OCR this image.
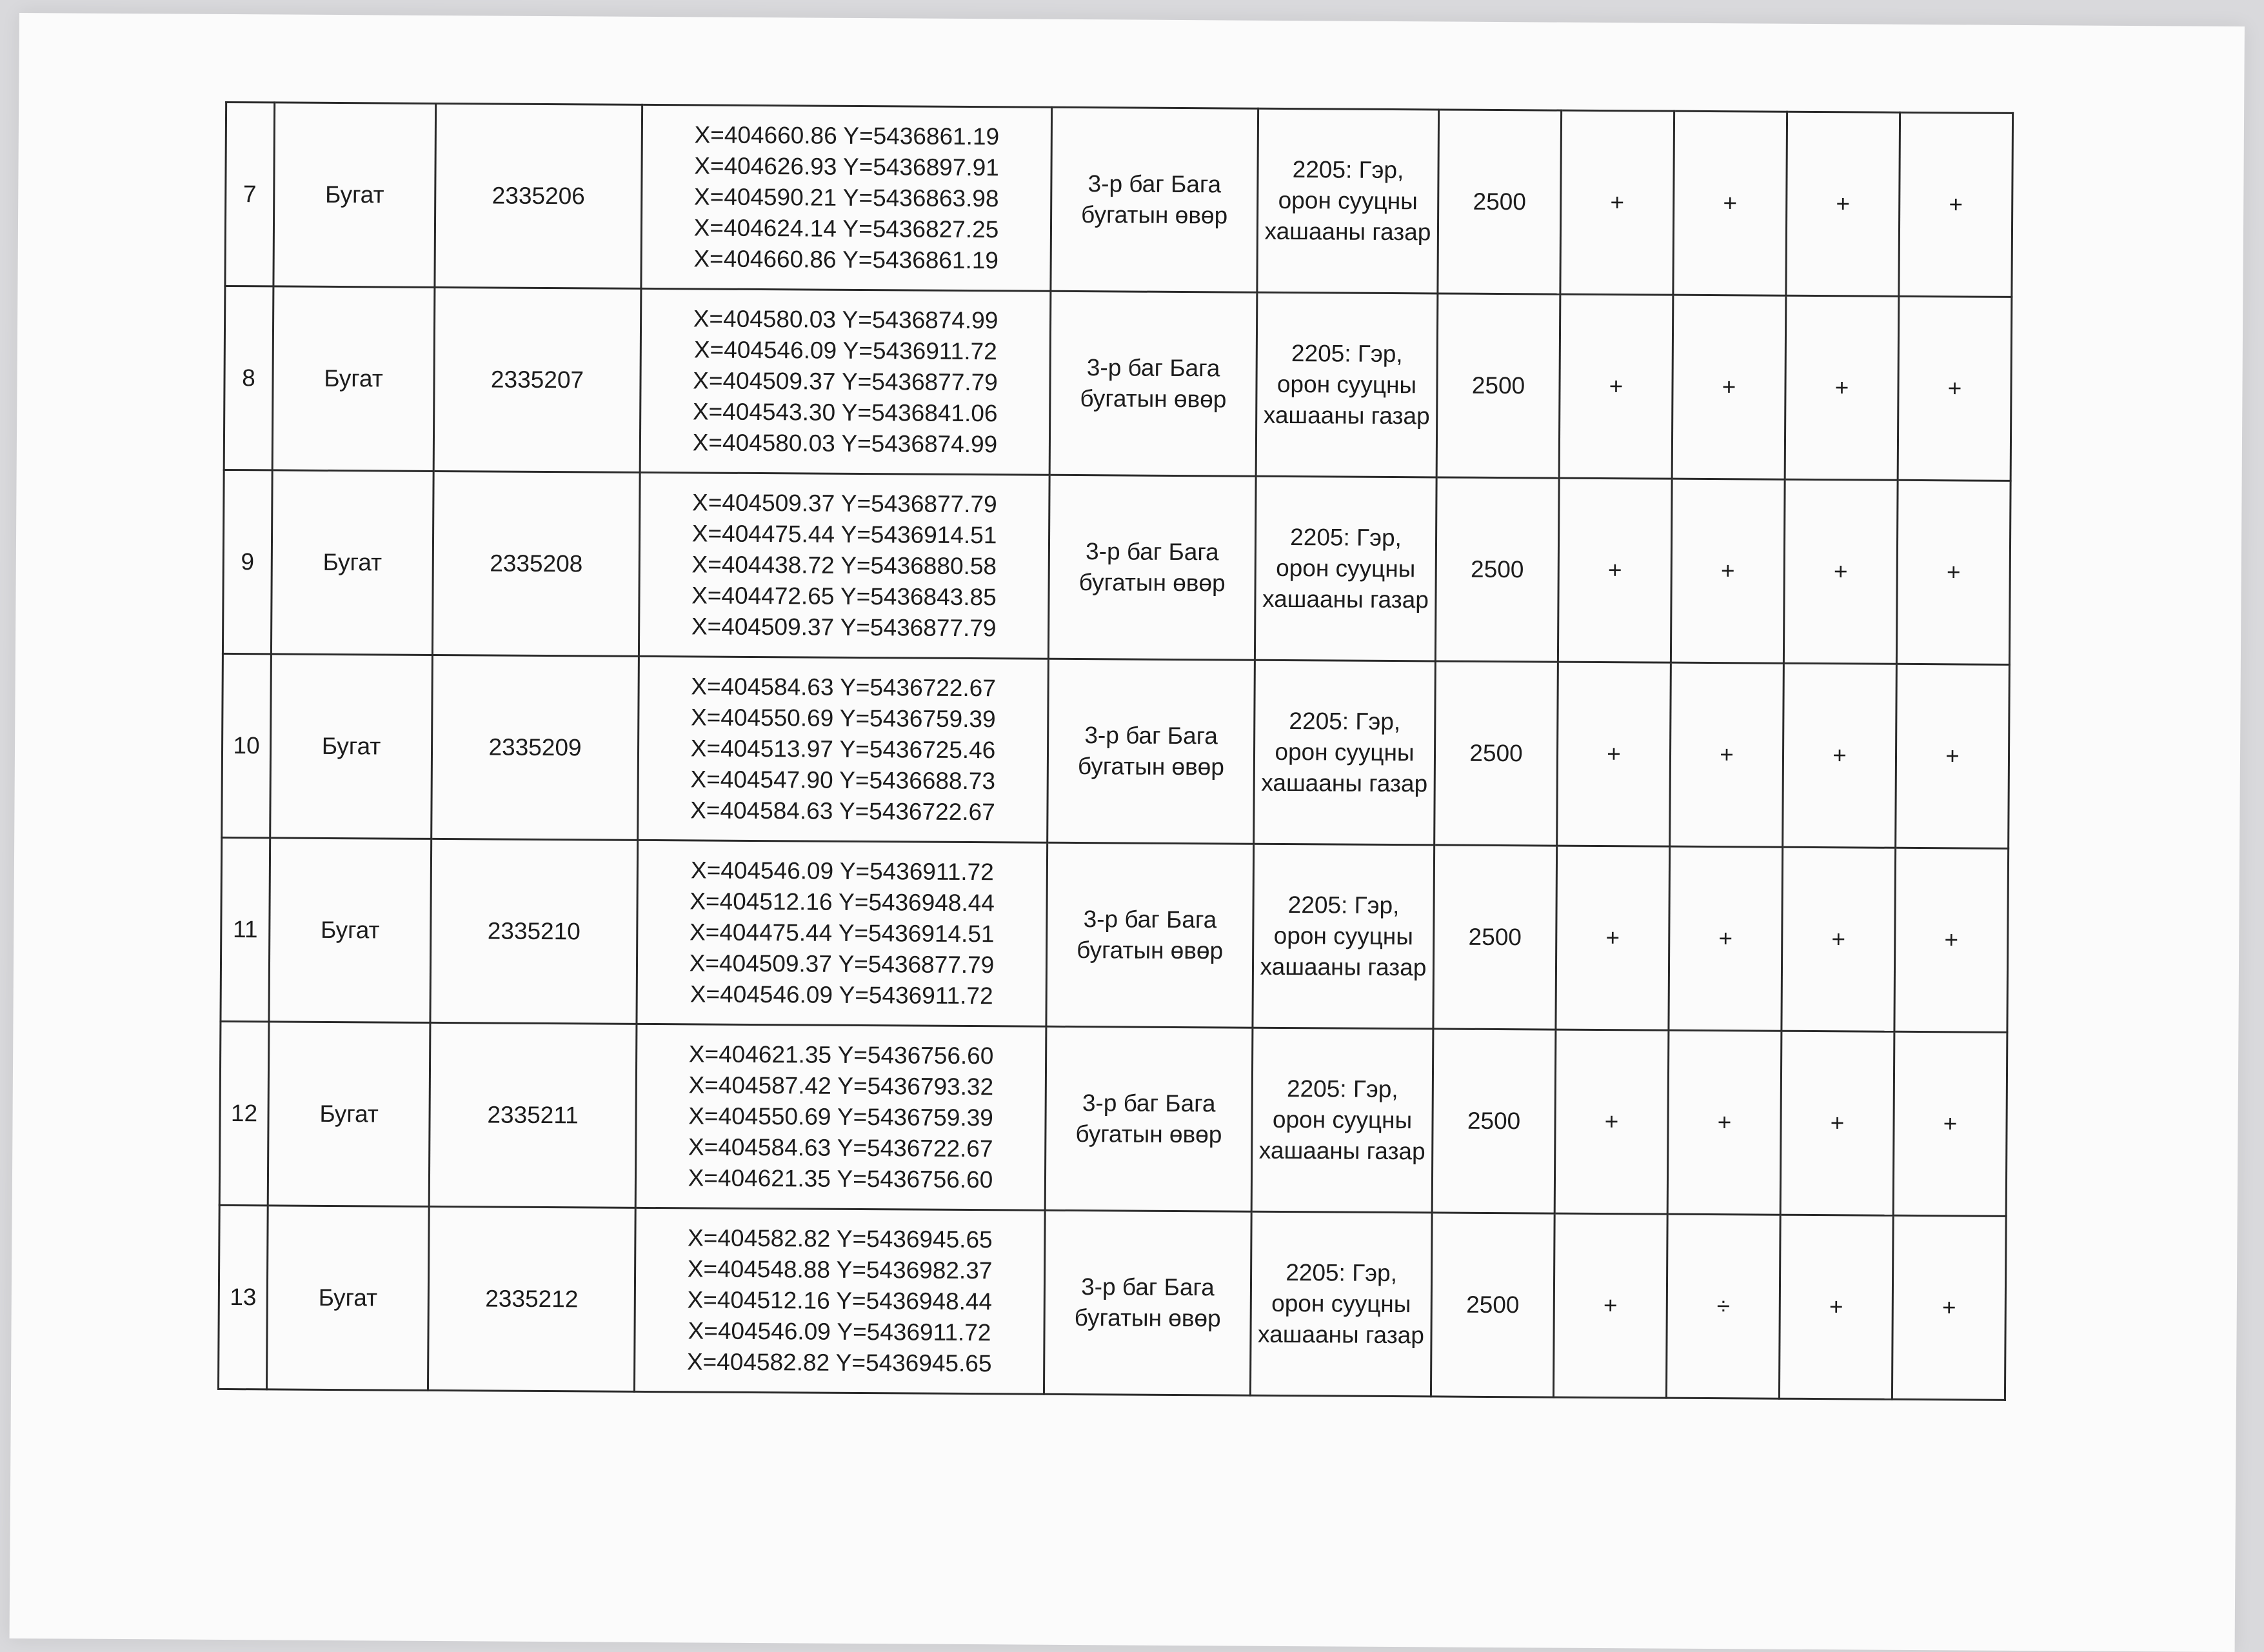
7	Бугат	2335206	X=404660.86 Y=5436861.19
X=404626.93 Y=5436897.91
X=404590.21 Y=5436863.98
X=404624.14 Y=5436827.25
X=404660.86 Y=5436861.19	3-р баг Бага бугатын өвөр	2205: Гэр, орон сууцны хашааны газар	2500	+	+	+	+
8	Бугат	2335207	X=404580.03 Y=5436874.99
X=404546.09 Y=5436911.72
X=404509.37 Y=5436877.79
X=404543.30 Y=5436841.06
X=404580.03 Y=5436874.99	3-р баг Бага бугатын өвөр	2205: Гэр, орон сууцны хашааны газар	2500	+	+	+	+
9	Бугат	2335208	X=404509.37 Y=5436877.79
X=404475.44 Y=5436914.51
X=404438.72 Y=5436880.58
X=404472.65 Y=5436843.85
X=404509.37 Y=5436877.79	3-р баг Бага бугатын өвөр	2205: Гэр, орон сууцны хашааны газар	2500	+	+	+	+
10	Бугат	2335209	X=404584.63 Y=5436722.67
X=404550.69 Y=5436759.39
X=404513.97 Y=5436725.46
X=404547.90 Y=5436688.73
X=404584.63 Y=5436722.67	3-р баг Бага бугатын өвөр	2205: Гэр, орон сууцны хашааны газар	2500	+	+	+	+
11	Бугат	2335210	X=404546.09 Y=5436911.72
X=404512.16 Y=5436948.44
X=404475.44 Y=5436914.51
X=404509.37 Y=5436877.79
X=404546.09 Y=5436911.72	3-р баг Бага бугатын өвөр	2205: Гэр, орон сууцны хашааны газар	2500	+	+	+	+
12	Бугат	2335211	X=404621.35 Y=5436756.60
X=404587.42 Y=5436793.32
X=404550.69 Y=5436759.39
X=404584.63 Y=5436722.67
X=404621.35 Y=5436756.60	3-р баг Бага бугатын өвөр	2205: Гэр, орон сууцны хашааны газар	2500	+	+	+	+
13	Бугат	2335212	X=404582.82 Y=5436945.65
X=404548.88 Y=5436982.37
X=404512.16 Y=5436948.44
X=404546.09 Y=5436911.72
X=404582.82 Y=5436945.65	3-р баг Бага бугатын өвөр	2205: Гэр, орон сууцны хашааны газар	2500	+	÷	+	+
